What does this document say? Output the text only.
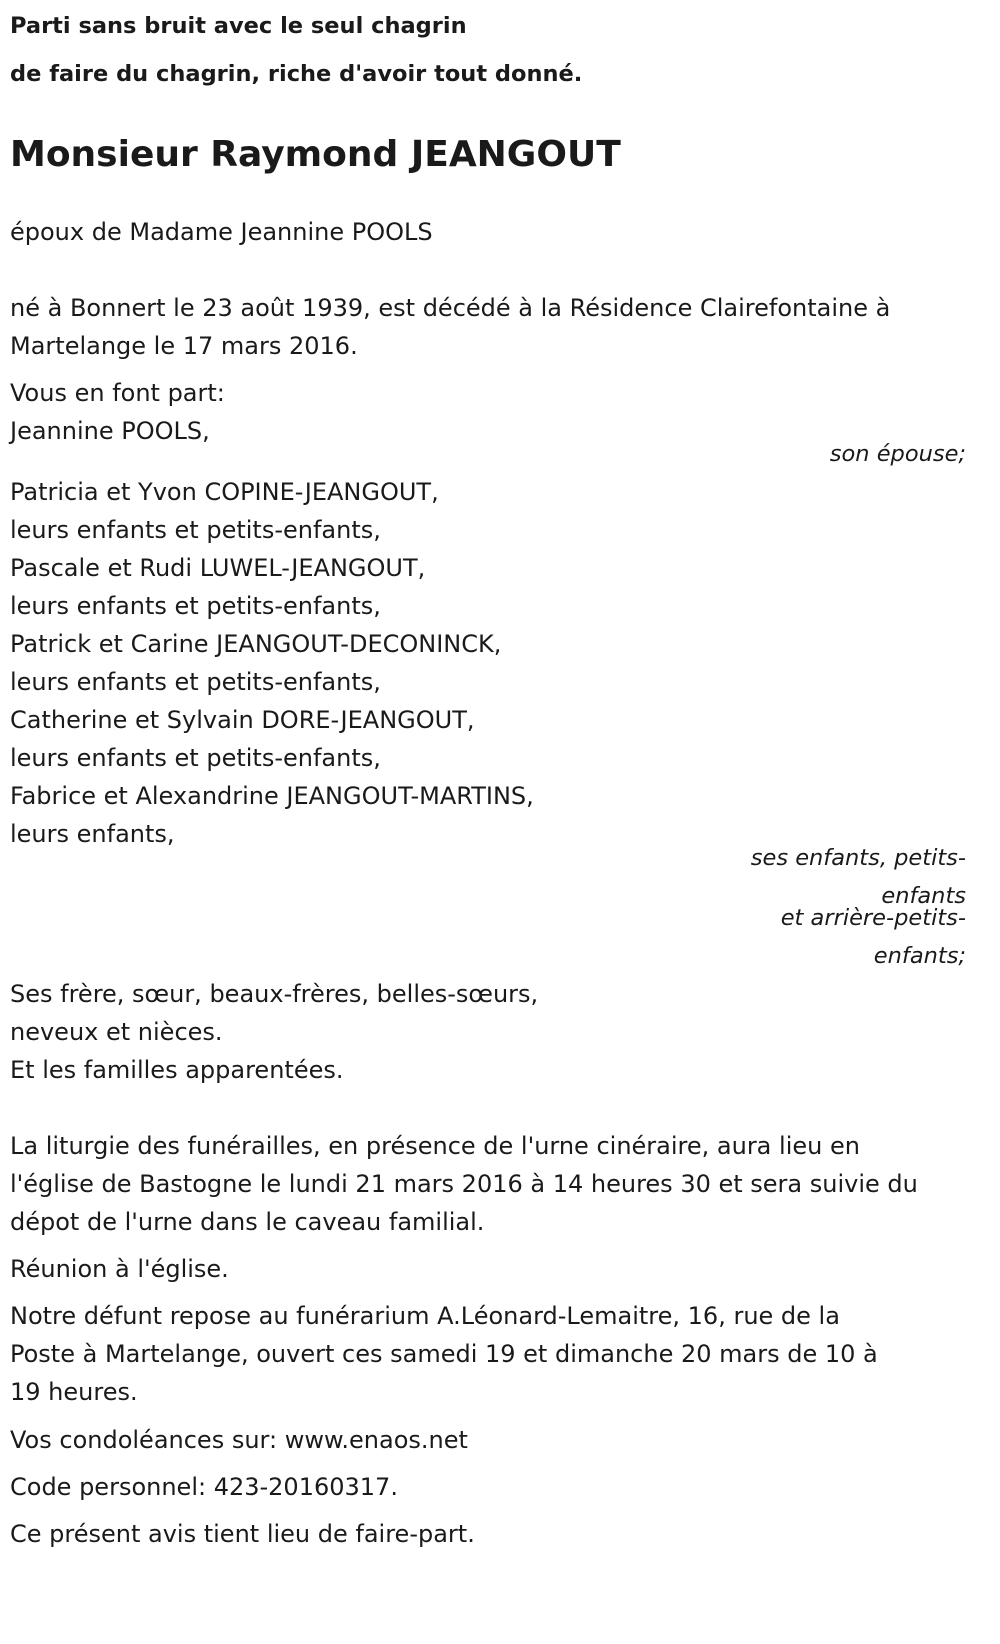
Parti sans bruit avec le seul chagrin

de faire du chagrin, riche d'avoir tout donné.

Monsieur Raymond JEANGOUT

époux de Madame Jeannine POOLS

né à Bonnert le 23 août 1939, est décédé à la Résidence Clairefontaine à

Martelange le 17 mars 2016.

Vous en font part:

Jeannine POOLS,

son épouse;

Patricia et Yvon COPINE-JEANGOUT,

leurs enfants et petits-enfants,

Pascale et Rudi LUWEL-JEANGOUT,

leurs enfants et petits-enfants,

Patrick et Carine JEANGOUT-DECONINCK,

leurs enfants et petits-enfants,

Catherine et Sylvain DORE-JEANGOUT,

leurs enfants et petits-enfants,

Fabrice et Alexandrine JEANGOUT-MARTINS,

leurs enfants,

ses enfants, petits-

enfants

et arrière-petits-

enfants;

Ses frère, sœur, beaux-frères, belles-sœurs,

neveux et nièces.

Et les familles apparentées.

La liturgie des funérailles, en présence de l'urne cinéraire, aura lieu en

l'église de Bastogne le lundi 21 mars 2016 à 14 heures 30 et sera suivie du

dépot de l'urne dans le caveau familial.

Réunion à l'église.

Notre défunt repose au funérarium A.Léonard-Lemaitre, 16, rue de la

Poste à Martelange, ouvert ces samedi 19 et dimanche 20 mars de 10 à

19 heures.

Vos condoléances sur: www.enaos.net

Code personnel: 423-20160317.

Ce présent avis tient lieu de faire-part.
